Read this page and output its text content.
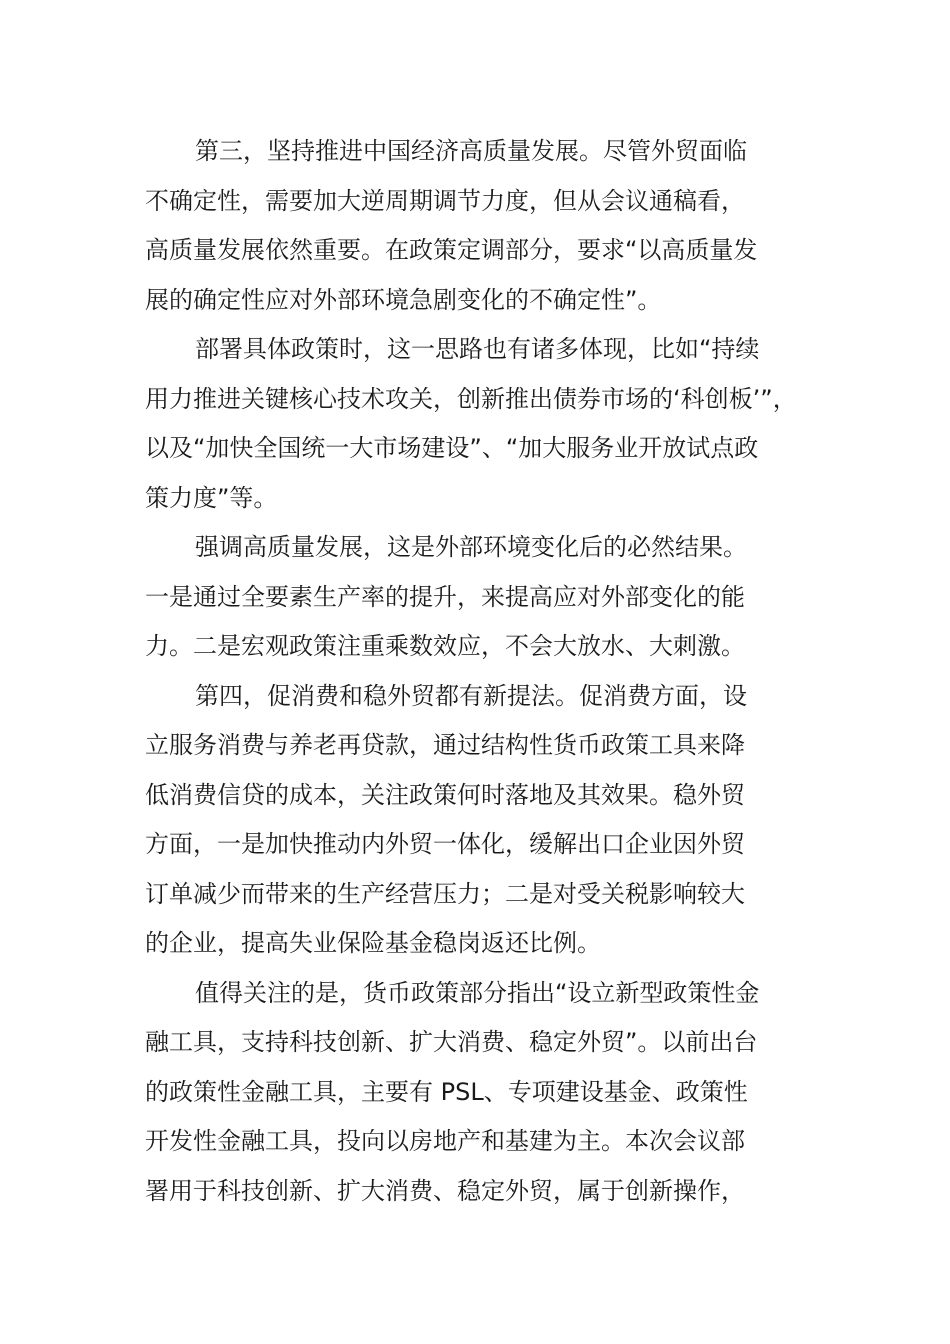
第三，坚持推进中国经济高质量发展。尽管外贸面临
不确定性，需要加大逆周期调节力度，但从会议通稿看，
高质量发展依然重要。在政策定调部分，要求“以高质量发
展的确定性应对外部环境急剧变化的不确定性”。
部署具体政策时，这一思路也有诸多体现，比如“持续
用力推进关键核心技术攻关，创新推出债券市场的‘科创板’”，
以及“加快全国统一大市场建设”、“加大服务业开放试点政
策力度”等。
强调高质量发展，这是外部环境变化后的必然结果。
一是通过全要素生产率的提升，来提高应对外部变化的能
力。二是宏观政策注重乘数效应，不会大放水、大刺激。
第四，促消费和稳外贸都有新提法。促消费方面，设
立服务消费与养老再贷款，通过结构性货币政策工具来降
低消费信贷的成本，关注政策何时落地及其效果。稳外贸
方面，一是加快推动内外贸一体化，缓解出口企业因外贸
订单减少而带来的生产经营压力；二是对受关税影响较大
的企业，提高失业保险基金稳岗返还比例。
值得关注的是，货币政策部分指出“设立新型政策性金
融工具，支持科技创新、扩大消费、稳定外贸”。以前出台
的政策性金融工具，主要有 PSL、专项建设基金、政策性
开发性金融工具，投向以房地产和基建为主。本次会议部
署用于科技创新、扩大消费、稳定外贸，属于创新操作，
